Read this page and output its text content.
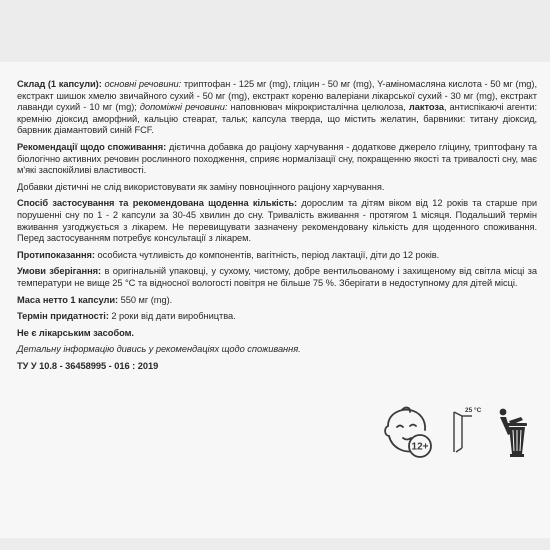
Склад (1 капсули): основні речовини: триптофан - 125 мг (mg), гліцин - 50 мг (mg), Y-аміномасляна кислота - 50 мг (mg), екстракт шишок хмелю звичайного сухий - 50 мг (mg), екстракт кореню валеріани лікарської сухий - 30 мг (mg), екстракт лаванди сухий - 10 мг (mg); допоміжні речовини: наповнювач мікрокристалічна целюлоза, лактоза, антиспікаючі агенти: кремнію діоксид аморфний, кальцію стеарат, тальк; капсула тверда, що містить желатин, барвники: титану діоксид, барвник діамантовий синій FCF.

Рекомендації щодо споживання: дієтична добавка до раціону харчування - додаткове джерело гліцину, триптофану та біологічно активних речовин рослинного походження, сприяє нормалізації сну, покращенню якості та тривалості сну, має м'які заспокійливі властивості.

Добавки дієтичні не слід використовувати як заміну повноцінного раціону харчування.

Спосіб застосування та рекомендована щоденна кількість: дорослим та дітям віком від 12 років та старше при порушенні сну по 1 - 2 капсули за 30-45 хвилин до сну. Тривалість вживання - протягом 1 місяця. Подальший термін вживання узгоджується з лікарем. Не перевищувати зазначену рекомендовану кількість для щоденного споживання. Перед застосуванням потребує консультації з лікарем.

Протипоказання: особиста чутливість до компонентів, вагітність, період лактації, діти до 12 років.

Умови зберігання: в оригінальній упаковці, у сухому, чистому, добре вентильованому і захищеному від світла місці за температури не вище 25 °С та відносної вологості повітря не більше 75 %. Зберігати в недоступному для дітей місці.

Маса нетто 1 капсули: 550 мг (mg).

Термін придатності: 2 роки від дати виробництва.

Не є лікарським засобом.

Детальну інформацію дивись у рекомендаціях щодо споживання.

ТУ У 10.8 - 36458995 - 016 : 2019

12+
25 °C
